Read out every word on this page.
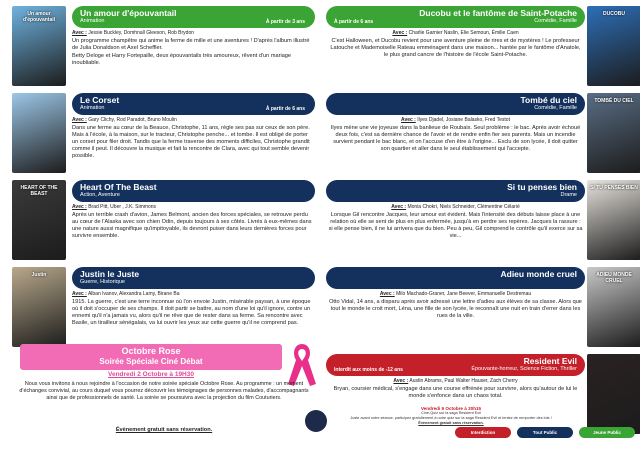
Un amour d'épouvantail
Un amour d'épouvantail
Animation	À partir de 3 ans
Avec : Jessie Buckley, Domhnall Gleeson, Rob Brydon

Un programme champêtre qui anime la ferme de mille et une aventures ! D'après l'album illustré de Julia Donaldson et Axel Scheffler.

Betty Deloge et Harry Fortepaille, deux épouvantails très amoureux, rêvent d'un mariage inoubliable.

Le Corset
Animation	À partir de 6 ans
Avec : Gary Clichy, Rod Paradot, Bruno Moulin

Dans une ferme au cœur de la Beauce, Christophe, 11 ans, règle ses pas sur ceux de son père. Mais à l'école, à la maison, sur le tracteur, Christophe penche... et tombe. Il est obligé de porter un corset pour filer droit. Tandis que la ferme traverse des moments difficiles, Christophe grandit comme il peut. Il découvre la musique et fait la rencontre de Clara, avec qui tout semble devenir possible.

HEART OF THE BEAST
Heart Of The Beast
Action, Aventure
Avec : Brad Pitt, Uber , J.K. Simmons

Après un terrible crash d'avion, James Belmont, ancien des forces spéciales, se retrouve perdu au cœur de l'Alaska avec son chien Odin, depuis toujours à ses côtés. Livrés à eux-mêmes dans une nature aussi magnifique qu'impitoyable, ils devront puiser dans leurs dernières forces pour survivre ensemble.

Justin	Justin le Juste
Guerre, Historique
Avec : Alban Ivanov, Alexandra Lamy, Birane Ba

1915. La guerre, c'est une terre inconnue où l'on envoie Justin, misérable paysan, à une époque où il doit s'occuper de ses champs. Il doit partir se battre, au nom d'une loi qu'il ignore, contre un ennemi qu'il n'a jamais vu, alors qu'il ne rêve que de rester dans sa ferme. Sa rencontre avec Basile, un tirailleur sénégalais, va lui ouvrir les yeux sur cette guerre qu'il ne comprend pas.

DUCOBU
Ducobu et le fantôme de Saint-Potache
Comédie, Famille
À partir de 6 ans
Avec : Charlie Garnier Naslin, Elie Semoun, Émilie Caen

C'est Halloween, et Ducobu revient pour une aventure pleine de rires et de mystères ! Le professeur Latouche et Mademoiselle Rateau emménagent dans une maison... hantée par le fantôme d'Anatole, le plus grand cancre de l'histoire de l'école Saint-Potache.

TOMBÉ DU CIEL
Tombé du ciel
Comédie, Famille
Avec : Ilyes Djadel, Josiane Balasko, Fred Testot

Ilyes mène une vie joyeuse dans la banlieue de Roubaix. Seul problème : le bac. Après avoir échoué deux fois, c'est sa dernière chance de l'avoir et de rendre enfin fier ses parents. Mais un incendie survient pendant le bac blanc, et on l'accuse d'en être à l'origine... Exclu de son lycée, il doit quitter son quartier et aller dans le seul établissement qui l'accepte.

SI TU PENSES BIEN
Si tu penses bien
Drame
Avec : Monia Chokri, Niels Schneider, Clémentine Célarié

Lorsque Gil rencontre Jacques, leur amour est évident. Mais l'intensité des débuts laisse place à une relation où elle se sent de plus en plus enfermée, jusqu'à en perdre ses repères. Jacques la rassure : si elle pense bien, il ne lui arrivera que du bien. Peu à peu, Gil comprend le contrôle qu'il exerce sur sa vie...

ADIEU MONDE CRUEL
Adieu monde cruel
Avec : Milo Machado-Graner, Jane Beever, Emmanuelle Destremau

Otto Vidal, 14 ans, a disparu après avoir adressé une lettre d'adieu aux élèves de sa classe. Alors que tout le monde le croit mort, Léna, une fille de son lycée, le reconnaît une nuit en train d'errer dans les rues de la ville.

Resident Evil
Épouvante-horreur, Science Fiction, Thriller
Interdit aux moins de -12 ans
Avec : Austin Abrams, Paul Walter Hauser, Zach Cherry

Bryan, coursier médical, s'engage dans une course effrénée pour survivre, alors qu'autour de lui le monde s'enfonce dans un chaos total.

Octobre Rose
Soirée Spéciale Ciné Débat
Vendredi 2 Octobre à 19H30
Nous vous invitons à nous rejoindre à l'occasion de notre soirée spéciale Octobre Rose. Au programme : un moment d'échanges convivial, au cours duquel vous pourrez découvrir les témoignages de personnes malades, d'accompagnants ainsi que de professionnels de santé. La soirée se poursuivra avec la projection du film Couturiers.
Évènement gratuit sans réservation.
Vendredi 9 Octobre à 20h15
Ciné-Quiz sur la saga Resident Evil
Juste avant notre séance, participez gratuitement à notre quiz sur la saga Resident Evil et tentez de remporter des lots !
Évènement gratuit sans réservation.
Interdiction	Tout Public	Jeune Public
